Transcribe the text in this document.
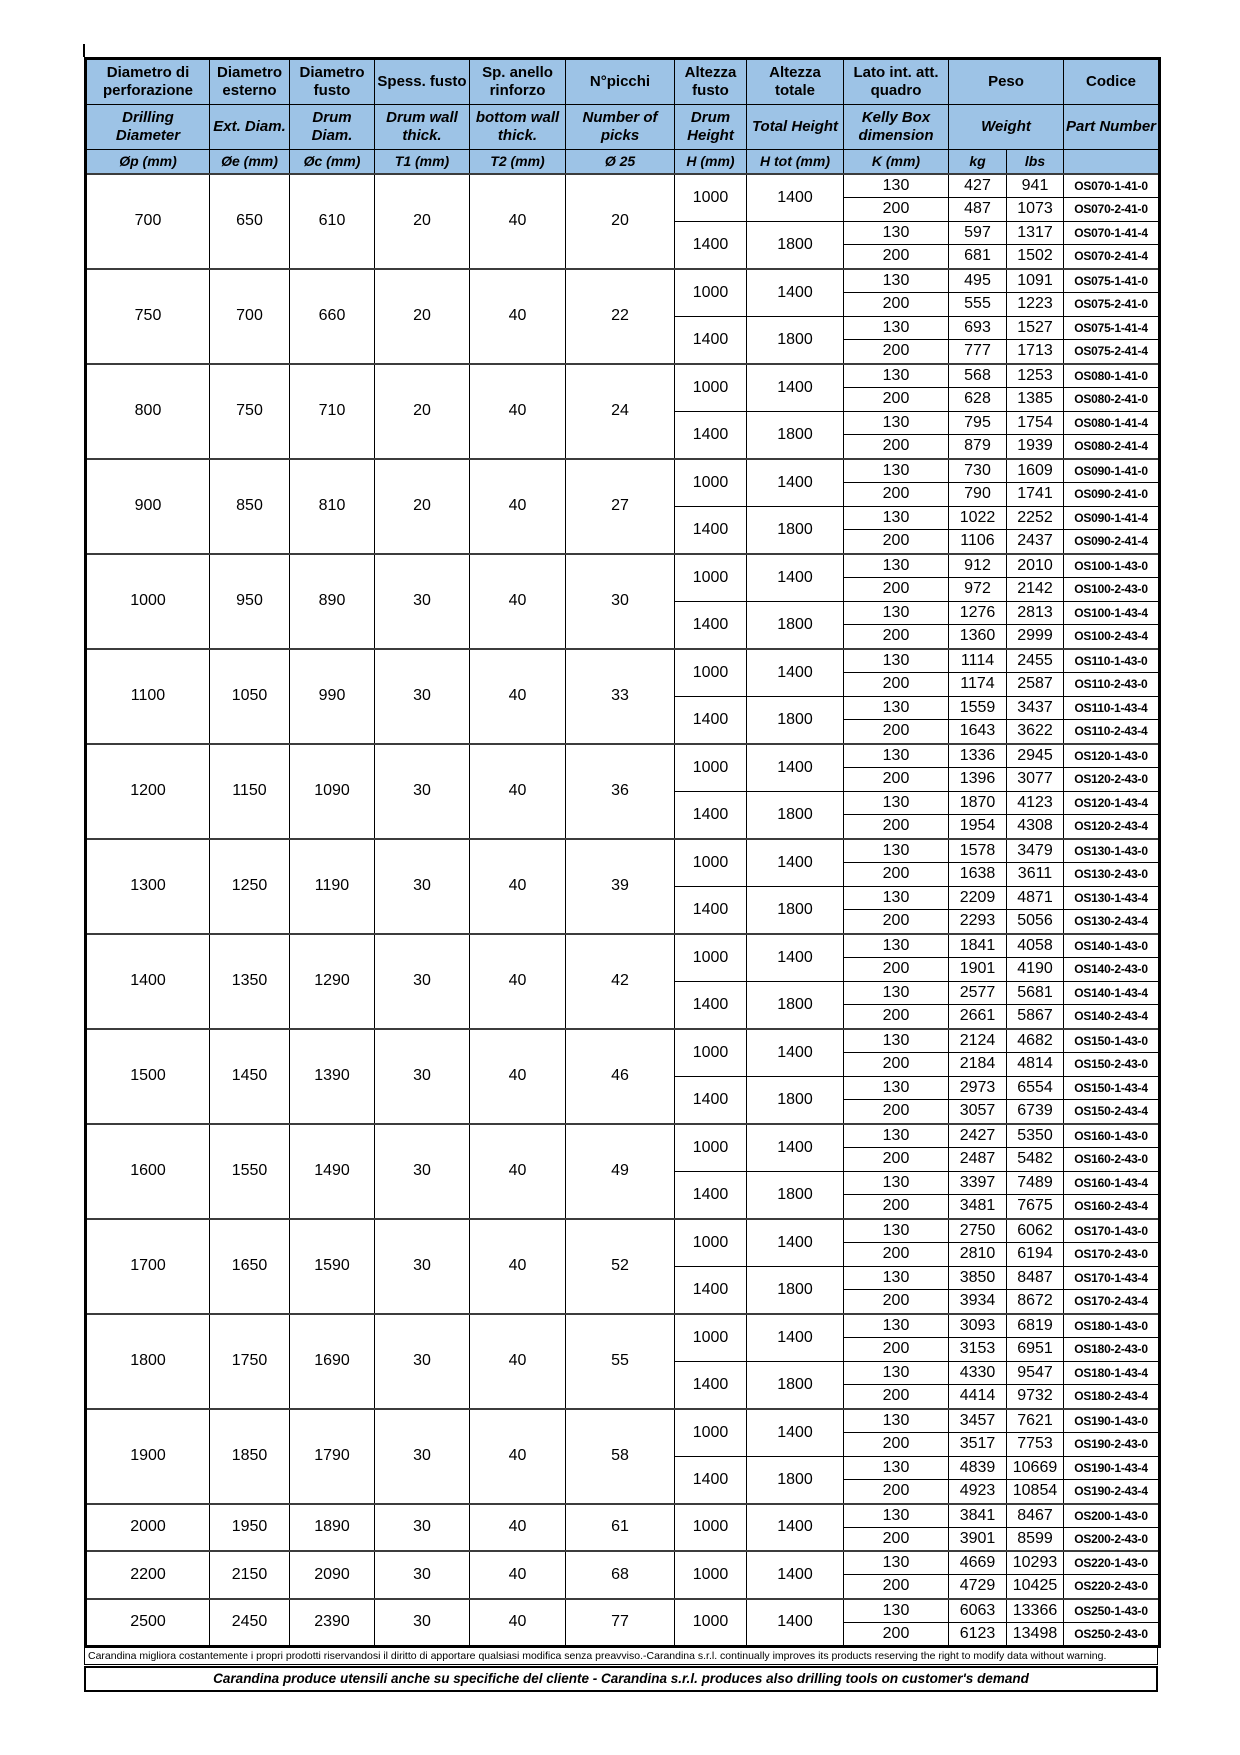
Diametro di perforazione	Diametro esterno	Diametro fusto	Spess. fusto	Sp. anello rinforzo	N°picchi	Altezza fusto	Altezza totale	Lato int. att. quadro	Peso		Codice
Drilling Diameter	Ext. Diam.	Drum Diam.	Drum wall thick.	bottom wall thick.	Number of picks	Drum Height	Total Height	Kelly Box dimension	Weight		Part Number
Øp (mm)	Øe (mm)	Øc (mm)	T1 (mm)	T2 (mm)	Ø 25	H (mm)	H tot (mm)	K (mm)	kg	lbs	
700	650	610	20	40	20	1000	1400	130	427	941	OS070-1-41-0
								200	487	1073	OS070-2-41-0
						1400	1800	130	597	1317	OS070-1-41-4
								200	681	1502	OS070-2-41-4
750	700	660	20	40	22	1000	1400	130	495	1091	OS075-1-41-0
								200	555	1223	OS075-2-41-0
						1400	1800	130	693	1527	OS075-1-41-4
								200	777	1713	OS075-2-41-4
800	750	710	20	40	24	1000	1400	130	568	1253	OS080-1-41-0
								200	628	1385	OS080-2-41-0
						1400	1800	130	795	1754	OS080-1-41-4
								200	879	1939	OS080-2-41-4
900	850	810	20	40	27	1000	1400	130	730	1609	OS090-1-41-0
								200	790	1741	OS090-2-41-0
						1400	1800	130	1022	2252	OS090-1-41-4
								200	1106	2437	OS090-2-41-4
1000	950	890	30	40	30	1000	1400	130	912	2010	OS100-1-43-0
								200	972	2142	OS100-2-43-0
						1400	1800	130	1276	2813	OS100-1-43-4
								200	1360	2999	OS100-2-43-4
1100	1050	990	30	40	33	1000	1400	130	1114	2455	OS110-1-43-0
								200	1174	2587	OS110-2-43-0
						1400	1800	130	1559	3437	OS110-1-43-4
								200	1643	3622	OS110-2-43-4
1200	1150	1090	30	40	36	1000	1400	130	1336	2945	OS120-1-43-0
								200	1396	3077	OS120-2-43-0
						1400	1800	130	1870	4123	OS120-1-43-4
								200	1954	4308	OS120-2-43-4
1300	1250	1190	30	40	39	1000	1400	130	1578	3479	OS130-1-43-0
								200	1638	3611	OS130-2-43-0
						1400	1800	130	2209	4871	OS130-1-43-4
								200	2293	5056	OS130-2-43-4
1400	1350	1290	30	40	42	1000	1400	130	1841	4058	OS140-1-43-0
								200	1901	4190	OS140-2-43-0
						1400	1800	130	2577	5681	OS140-1-43-4
								200	2661	5867	OS140-2-43-4
1500	1450	1390	30	40	46	1000	1400	130	2124	4682	OS150-1-43-0
								200	2184	4814	OS150-2-43-0
						1400	1800	130	2973	6554	OS150-1-43-4
								200	3057	6739	OS150-2-43-4
1600	1550	1490	30	40	49	1000	1400	130	2427	5350	OS160-1-43-0
								200	2487	5482	OS160-2-43-0
						1400	1800	130	3397	7489	OS160-1-43-4
								200	3481	7675	OS160-2-43-4
1700	1650	1590	30	40	52	1000	1400	130	2750	6062	OS170-1-43-0
								200	2810	6194	OS170-2-43-0
						1400	1800	130	3850	8487	OS170-1-43-4
								200	3934	8672	OS170-2-43-4
1800	1750	1690	30	40	55	1000	1400	130	3093	6819	OS180-1-43-0
								200	3153	6951	OS180-2-43-0
						1400	1800	130	4330	9547	OS180-1-43-4
								200	4414	9732	OS180-2-43-4
1900	1850	1790	30	40	58	1000	1400	130	3457	7621	OS190-1-43-0
								200	3517	7753	OS190-2-43-0
						1400	1800	130	4839	10669	OS190-1-43-4
								200	4923	10854	OS190-2-43-4
2000	1950	1890	30	40	61	1000	1400	130	3841	8467	OS200-1-43-0
								200	3901	8599	OS200-2-43-0
2200	2150	2090	30	40	68	1000	1400	130	4669	10293	OS220-1-43-0
								200	4729	10425	OS220-2-43-0
2500	2450	2390	30	40	77	1000	1400	130	6063	13366	OS250-1-43-0
								200	6123	13498	OS250-2-43-0
Carandina migliora costantemente i propri prodotti riservandosi il diritto di apportare qualsiasi modifica senza preavviso.-Carandina s.r.l. continually improves its products reserving the right to modify data without warning.
Carandina produce utensili anche su specifiche del cliente - Carandina s.r.l. produces also drilling tools on customer's demand
